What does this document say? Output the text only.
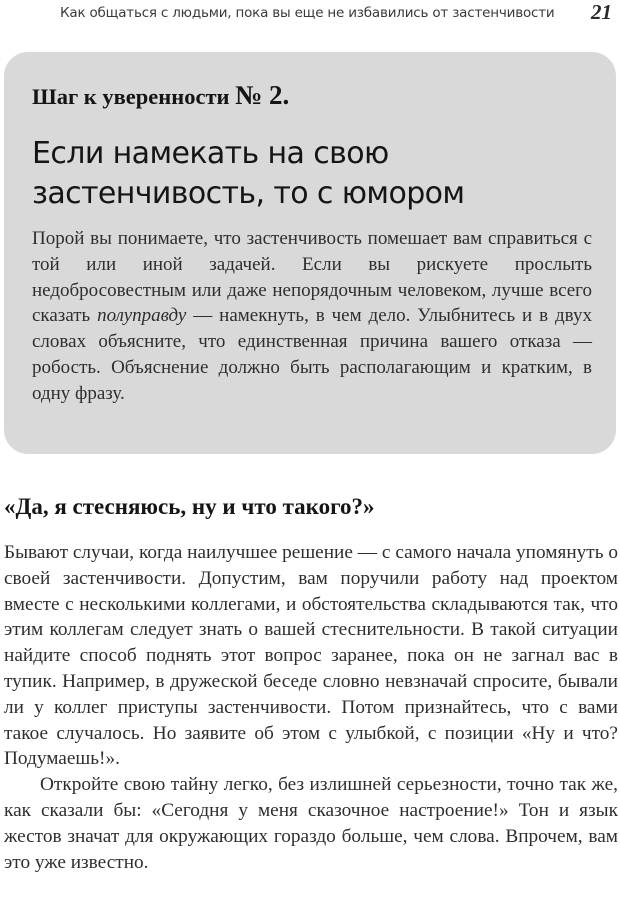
Как общаться с людьми, пока вы еще не избавились от застенчивости 21
Шаг к уверенности № 2.
Если намекать на свою застенчивость, то с юмором

Порой вы понимаете, что застенчивость помешает вам справиться с той или иной задачей. Если вы рискуете прослыть недобросовестным или даже непорядочным человеком, лучше всего сказать полуправду — намекнуть, в чем дело. Улыбнитесь и в двух словах объясните, что единственная причина вашего отказа — робость. Объяснение должно быть располагающим и кратким, в одну фразу.

«Да, я стесняюсь, ну и что такого?»

Бывают случаи, когда наилучшее решение — с самого начала упомянуть о своей застенчивости. Допустим, вам поручили работу над проектом вместе с несколькими коллегами, и обстоятельства складываются так, что этим коллегам следует знать о вашей стеснительности. В такой ситуации найдите способ поднять этот вопрос заранее, пока он не загнал вас в тупик. Например, в дружеской беседе словно невзначай спросите, бывали ли у коллег приступы застенчивости. Потом признайтесь, что с вами такое случалось. Но заявите об этом с улыбкой, с позиции «Ну и что? Подумаешь!».

Откройте свою тайну легко, без излишней серьезности, точно так же, как сказали бы: «Сегодня у меня сказочное настроение!» Тон и язык жестов значат для окружающих гораздо больше, чем слова. Впрочем, вам это уже известно.
